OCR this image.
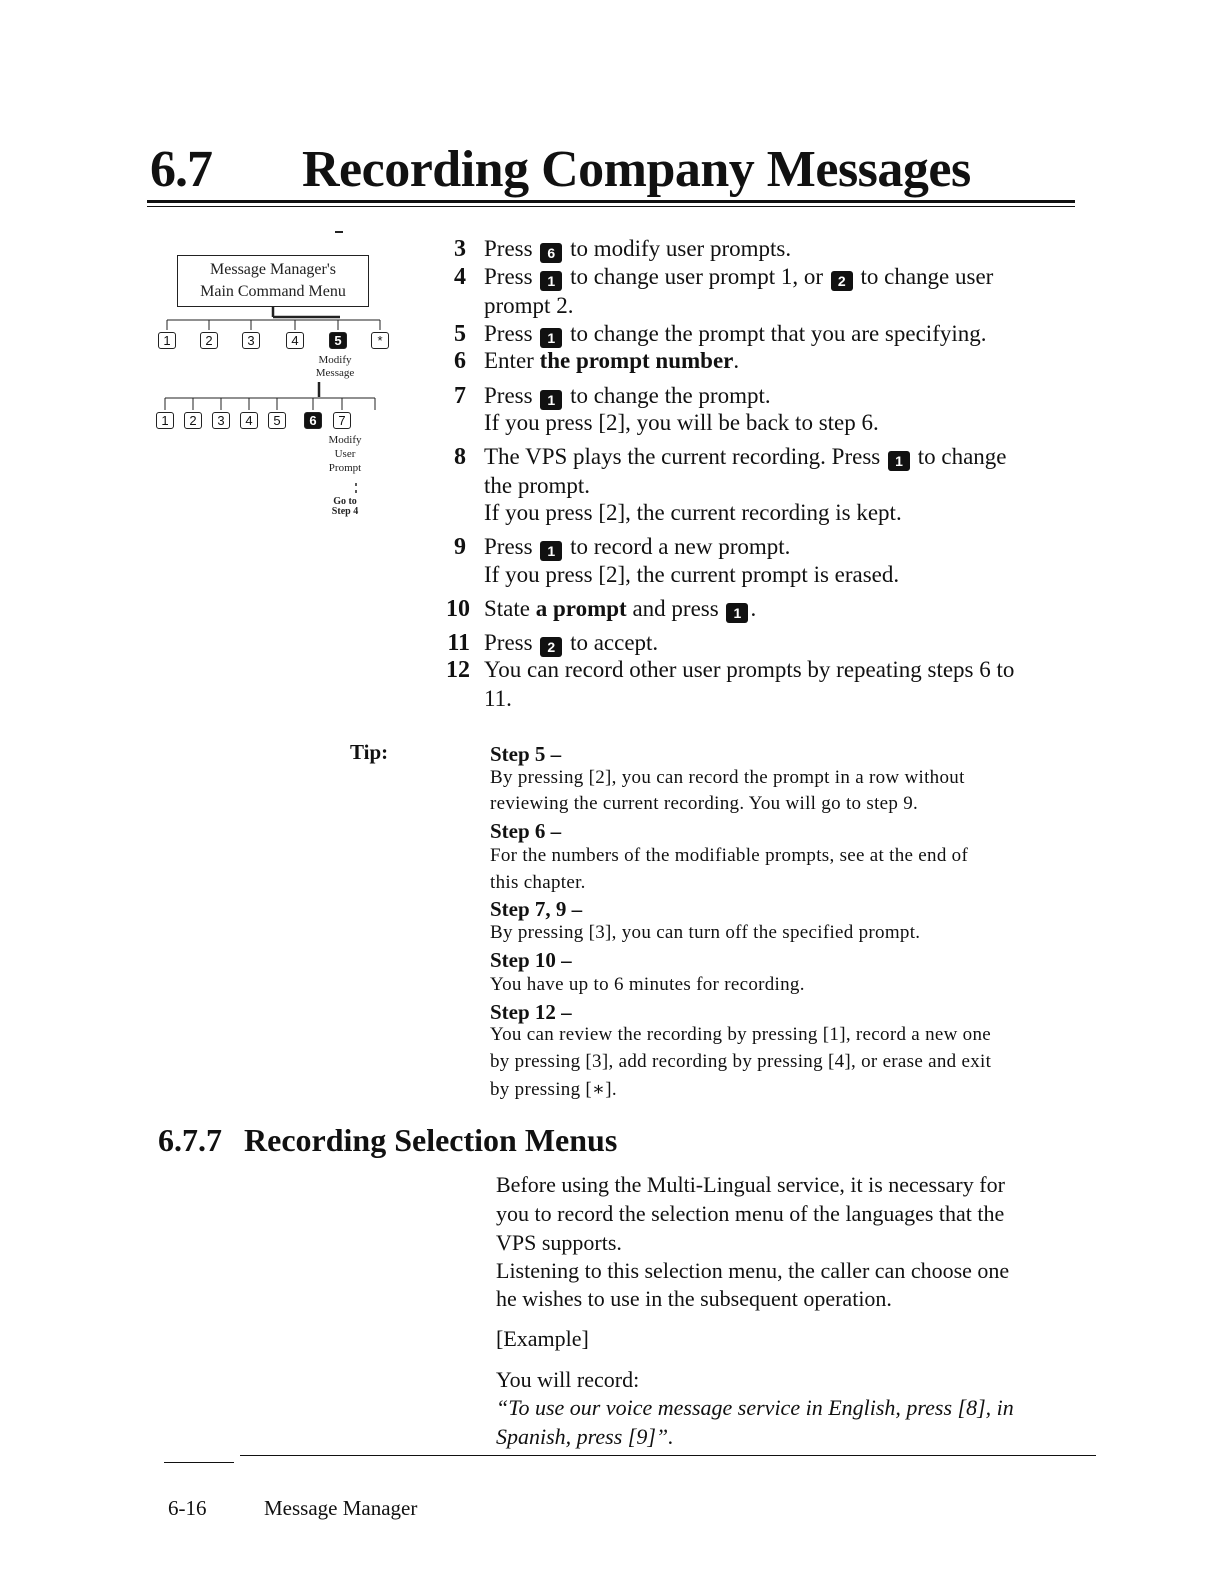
6.7 Recording Company Messages
Message Manager's
Main Command Menu
1	2	3	4	5	*
Modify
Message
1	2	3	4	5	6	7
Modify
User
Prompt
Go to
Step 4
3 Press 6 to modify user prompts.
4 Press 1 to change user prompt 1, or 2 to change user
prompt 2.
5 Press 1 to change the prompt that you are specifying.
6 Enter the prompt number.
7 Press 1 to change the prompt.
If you press [2], you will be back to step 6.
8 The VPS plays the current recording. Press 1 to change
the prompt.
If you press [2], the current recording is kept.
9 Press 1 to record a new prompt.
If you press [2], the current prompt is erased.
10 State a prompt and press 1 .
11 Press 2 to accept.
12 You can record other user prompts by repeating steps 6 to
11.
Tip:	Step 5 –
By pressing [2], you can record the prompt in a row without
reviewing the current recording. You will go to step 9.
Step 6 –
For the numbers of the modifiable prompts, see at the end of
this chapter.
Step 7, 9 –
By pressing [3], you can turn off the specified prompt.
Step 10 –
You have up to 6 minutes for recording.
Step 12 –
You can review the recording by pressing [1], record a new one
by pressing [3], add recording by pressing [4], or erase and exit
by pressing [∗].
6.7.7 Recording Selection Menus
Before using the Multi-Lingual service, it is necessary for
you to record the selection menu of the languages that the
VPS supports.
Listening to this selection menu, the caller can choose one
he wishes to use in the subsequent operation.
[Example]
You will record:
“To use our voice message service in English, press [8], in
Spanish, press [9]”.
6-16	Message Manager
